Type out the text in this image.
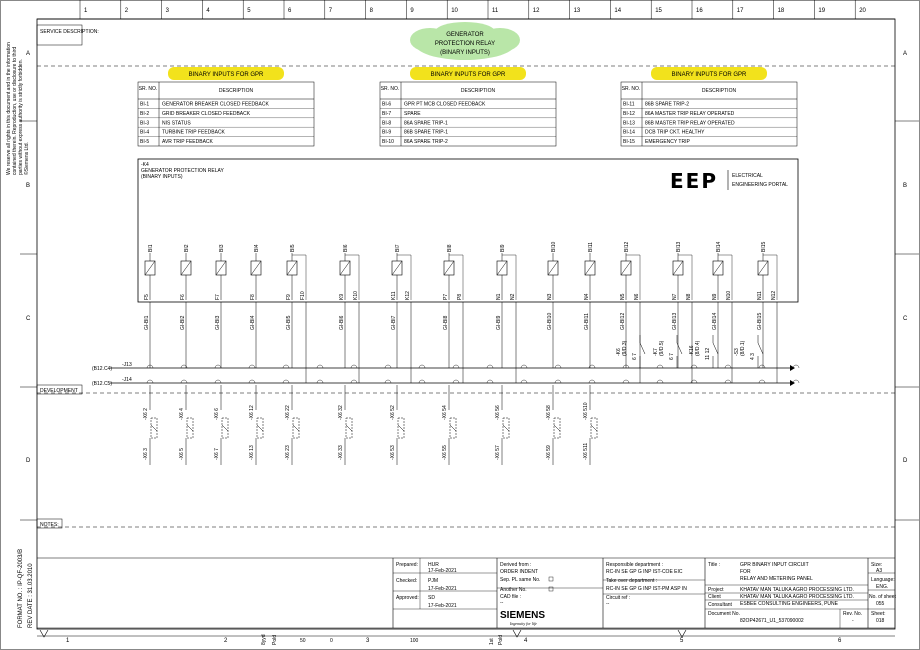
1	2	3	4	5	6	7	8	9	10	11	12	13	14	15	16	17	18	19	20
A	A
B	B
C	C
D	D
SERVICE DESCRIPTION:
DEVELOPMENT
NOTES:
We reserve all rights in this document and in the information contained therein. Reproduction, use or disclosure to third parties without express authority is strictly forbidden. ©Siemens Ltd.
FORMAT NO. : IP-QF-2003/B REV DATE : 31.03.2010
GENERATOR
PROTECTION RELAY
(BINARY INPUTS)
BINARY INPUTS FOR GPR
SR. NO.	DESCRIPTION
BI-1	GENERATOR BREAKER CLOSED FEEDBACK
BI-2	GRID BREAKER CLOSED FEEDBACK
BI-3	NIS STATUS
BI-4	TURBINE TRIP FEEDBACK
BI-5	AVR TRIP FEEDBACK
BINARY INPUTS FOR GPR
SR. NO.	DESCRIPTION
BI-6	GPR PT MCB CLOSED FEEDBACK
BI-7	SPARE
BI-8	86A SPARE TRIP-1
BI-9	86B SPARE TRIP-1
BI-10 86A SPARE TRIP-2
BINARY INPUTS FOR GPR
SR. NO.	DESCRIPTION
BI-11 86B SPARE TRIP-2
BI-12 86A MASTER TRIP RELAY OPERATED
BI-13 86B MASTER TRIP RELAY OPERATED
BI-14 DCB TRIP CKT. HEALTHY
BI-15 EMERGENCY TRIP
-K4
GENERATOR PROTECTION RELAY
(BINARY INPUTS)	EEP	ELECTRICAL
ENGINEERING PORTAL
BI1
F5
GI-BI1
-X6 2
-X6 3
BI2
F6
GI-BI2
-X6 4
-X6 5
BI3
F7
GI-BI3
-X6 6
-X6 7
BI4
F8
GI-BI4
-X6 12
-X6 13
BI5
F9 F10
GI-BI5
-X6 22
-X6 23
BI6
K9 K10
GI-BI6
-X6 32
-X6 33
BI7
K11 K12
GI-BI7
-X6 52
-X6 53
BI8
P7 P8
GI-BI8
-X6 54
-X6 55
BI9
N1 N2
GI-BI9
-X6 56
-X6 57
BI10
N3
GI-BI10
-X6 58
-X6 59
BI11
N4
GI-BI11
-X6 510
-X6 511
BI12
N5 N6
GI-BI12
BI13
N7 N8
GI-BI13
BI14
N9 N10
GI-BI14
BI15
N11 N12
GI-BI15
(B12.C4)
-J13
(B12.C5)
-J14
-K6 (9/D.3)
6 7
-K7 (9/D.5)
6 7
-K16 (8/D.4) 11 12	-S3 (8/D.1)
4 3
Prepared: HUR
17-Feb-2021
Checked: PJM
17-Feb-2021
Approved: SD
17-Feb-2021
Derived from :
ORDER INDENT
Sep. PL same No.
Another No.
CAD file :
--
Responsible department :
RC-IN SE GP G INP IST-COE EIC
Take over department :
RC-IN SE GP G INP IST-PM ASP IN
Circuit ref :
--
Title :	GPR BINARY INPUT CIRCUIT
FOR
RELAY AND METERING PANEL
Project	KHATAV MAN TALUKA AGRO PROCESSING LTD.
Client	KHATAV MAN TALUKA AGRO PROCESSING LTD.
Consultant ESBEE CONSULTING ENGINEERS, PUNE
Document No.
82OP42671_U1_537090002
Rev. No.
-
Size:
A3
Language:
ENG.
No. of sheet
055
Sheet:
018
SIEMENS
Ingenuity for life
1	2	3	4	5	6
50	100
0
8yyd Pold	1st Pold
